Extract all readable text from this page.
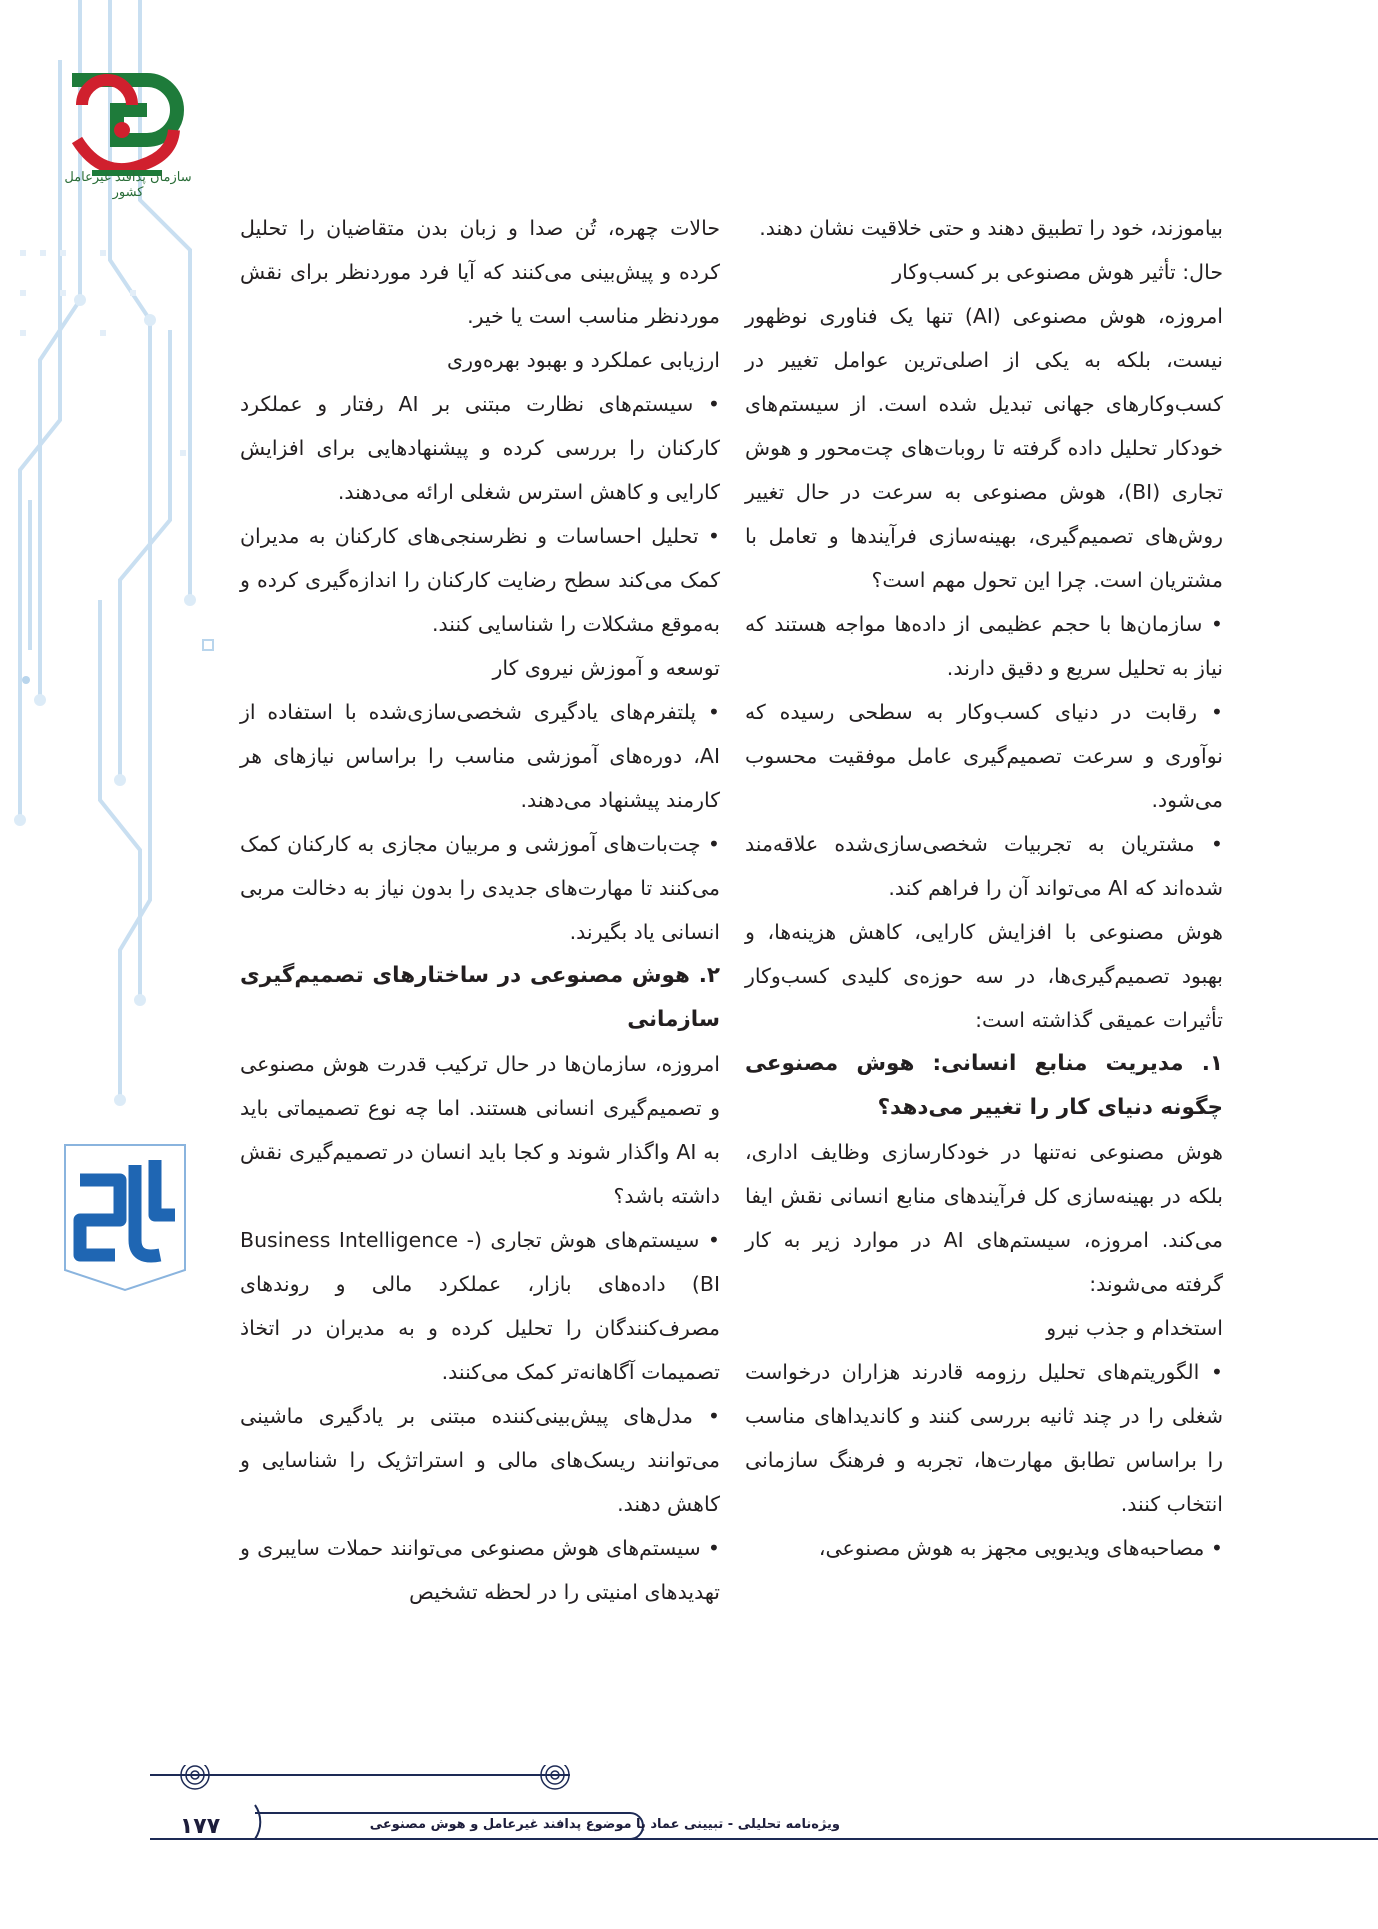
سازمان پدافند غیرعامل کشور

بیاموزند، خود را تطبیق دهند و حتی خلاقیت نشان دهند.

حال: تأثیر هوش مصنوعی بر کسب‌وکار

امروزه، هوش مصنوعی (AI) تنها یک فناوری نوظهور نیست، بلکه به یکی از اصلی‌ترین عوامل تغییر در کسب‌وکارهای جهانی تبدیل شده است. از سیستم‌های خودکار تحلیل داده گرفته تا روبات‌های چت‌محور و هوش تجاری (BI)، هوش مصنوعی به سرعت در حال تغییر روش‌های تصمیم‌گیری، بهینه‌سازی فرآیندها و تعامل با مشتریان است. چرا این تحول مهم است؟

• سازمان‌ها با حجم عظیمی از داده‌ها مواجه هستند که نیاز به تحلیل سریع و دقیق دارند.

• رقابت در دنیای کسب‌وکار به سطحی رسیده که نوآوری و سرعت تصمیم‌گیری عامل موفقیت محسوب می‌شود.

• مشتریان به تجربیات شخصی‌سازی‌شده علاقه‌مند شده‌اند که AI می‌تواند آن را فراهم کند.

هوش مصنوعی با افزایش کارایی، کاهش هزینه‌ها، و بهبود تصمیم‌گیری‌ها، در سه حوزه‌ی کلیدی کسب‌وکار تأثیرات عمیقی گذاشته است:

۱. مدیریت منابع انسانی: هوش مصنوعی چگونه دنیای کار را تغییر می‌دهد؟

هوش مصنوعی نه‌تنها در خودکارسازی وظایف اداری، بلکه در بهینه‌سازی کل فرآیندهای منابع انسانی نقش ایفا می‌کند. امروزه، سیستم‌های AI در موارد زیر به کار گرفته می‌شوند:

استخدام و جذب نیرو

• الگوریتم‌های تحلیل رزومه قادرند هزاران درخواست شغلی را در چند ثانیه بررسی کنند و کاندیداهای مناسب را براساس تطابق مهارت‌ها، تجربه و فرهنگ سازمانی انتخاب کنند.

• مصاحبه‌های ویدیویی مجهز به هوش مصنوعی،

حالات چهره، تُن صدا و زبان بدن متقاضیان را تحلیل کرده و پیش‌بینی می‌کنند که آیا فرد موردنظر برای نقش موردنظر مناسب است یا خیر.

ارزیابی عملکرد و بهبود بهره‌وری

• سیستم‌های نظارت مبتنی بر AI رفتار و عملکرد کارکنان را بررسی کرده و پیشنهادهایی برای افزایش کارایی و کاهش استرس شغلی ارائه می‌دهند.

• تحلیل احساسات و نظرسنجی‌های کارکنان به مدیران کمک می‌کند سطح رضایت کارکنان را اندازه‌گیری کرده و به‌موقع مشکلات را شناسایی کنند.

توسعه و آموزش نیروی کار

• پلتفرم‌های یادگیری شخصی‌سازی‌شده با استفاده از AI، دوره‌های آموزشی مناسب را براساس نیازهای هر کارمند پیشنهاد می‌دهند.

• چت‌بات‌های آموزشی و مربیان مجازی به کارکنان کمک می‌کنند تا مهارت‌های جدیدی را بدون نیاز به دخالت مربی انسانی یاد بگیرند.

۲. هوش مصنوعی در ساختارهای تصمیم‌گیری سازمانی

امروزه، سازمان‌ها در حال ترکیب قدرت هوش مصنوعی و تصمیم‌گیری انسانی هستند. اما چه نوع تصمیماتی باید به AI واگذار شوند و کجا باید انسان در تصمیم‌گیری نقش داشته باشد؟

• سیستم‌های هوش تجاری (Business Intelligence - BI) داده‌های بازار، عملکرد مالی و روندهای مصرف‌کنندگان را تحلیل کرده و به مدیران در اتخاذ تصمیمات آگاهانه‌تر کمک می‌کنند.

• مدل‌های پیش‌بینی‌کننده مبتنی بر یادگیری ماشینی می‌توانند ریسک‌های مالی و استراتژیک را شناسایی و کاهش دهند.

• سیستم‌های هوش مصنوعی می‌توانند حملات سایبری و تهدیدهای امنیتی را در لحظه تشخیص

۱۷۷	ویژه‌نامه تحلیلی - تبیینی عماد با موضوع پدافند غیرعامل و هوش مصنوعی
